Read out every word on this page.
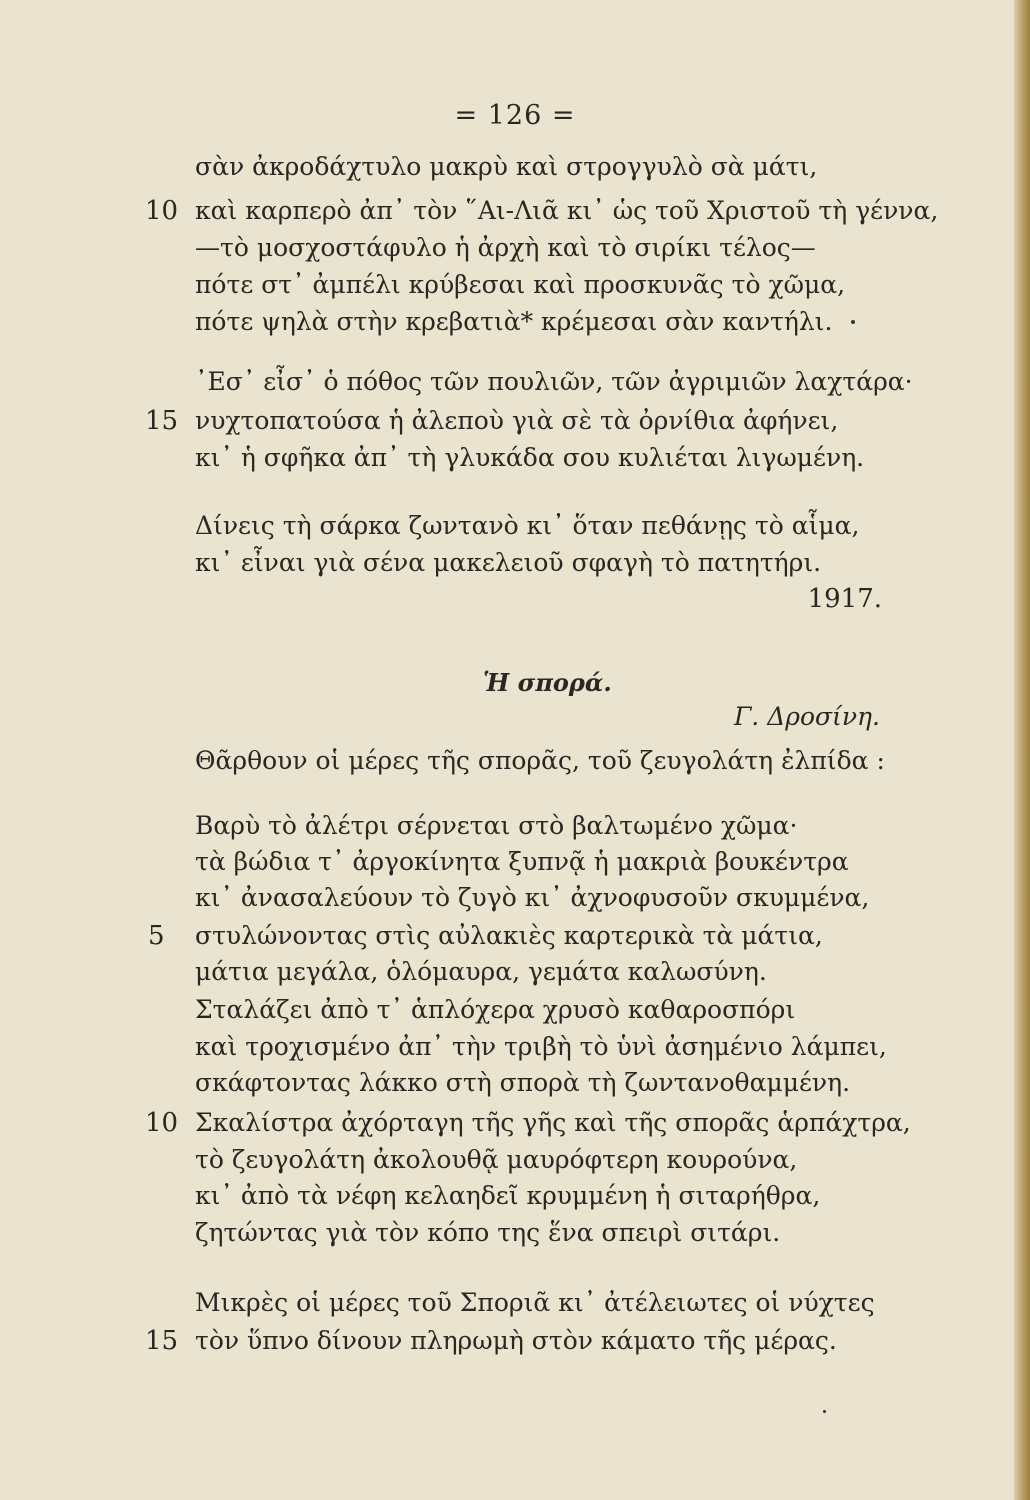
= 126 =
σὰν ἀκροδάχτυλο μακρὺ καὶ στρογγυλὸ σὰ μάτι,
10 καὶ καρπερὸ ἀπ᾽ τὸν ῞Αι-Λιᾶ κι᾽ ὡς τοῦ Χριστοῦ τὴ γέννα,
—τὸ μοσχοστάφυλο ἡ ἀρχὴ καὶ τὸ σιρίκι τέλος—
πότε στ᾽ ἀμπέλι κρύβεσαι καὶ προσκυνᾶς τὸ χῶμα,
πότε ψηλὰ στὴν κρεβατιὰ* κρέμεσαι σὰν καντήλι.
᾽Εσ᾽ εἶσ᾽ ὁ πόθος τῶν πουλιῶν, τῶν ἀγριμιῶν λαχτάρα·
15 νυχτοπατούσα ἡ ἀλεποὺ γιὰ σὲ τὰ ὀρνίθια ἀφήνει,
κι᾽ ἡ σφῆκα ἀπ᾽ τὴ γλυκάδα σου κυλιέται λιγωμένη.
Δίνεις τὴ σάρκα ζωντανὸ κι᾽ ὅταν πεθάνῃς τὸ αἷμα,
κι᾽ εἶναι γιὰ σένα μακελειοῦ σφαγὴ τὸ πατητήρι.
1917.
Ἡ σπορά.
Γ. Δροσίνη.
Θᾶρθουν οἱ μέρες τῆς σπορᾶς, τοῦ ζευγολάτη ἐλπίδα :
Βαρὺ τὸ ἀλέτρι σέρνεται στὸ βαλτωμένο χῶμα·
τὰ βώδια τ᾽ ἀργοκίνητα ξυπνᾷ ἡ μακριὰ βουκέντρα
κι᾽ ἀνασαλεύουν τὸ ζυγὸ κι᾽ ἀχνοφυσοῦν σκυμμένα,
5 στυλώνοντας στὶς αὐλακιὲς καρτερικὰ τὰ μάτια,
μάτια μεγάλα, ὁλόμαυρα, γεμάτα καλωσύνη.
Σταλάζει ἀπὸ τ᾽ ἁπλόχερα χρυσὸ καθαροσπόρι
καὶ τροχισμένο ἀπ᾽ τὴν τριβὴ τὸ ὑνὶ ἀσημένιο λάμπει,
σκάφτοντας λάκκο στὴ σπορὰ τὴ ζωντανοθαμμένη.
10 Σκαλίστρα ἀχόρταγη τῆς γῆς καὶ τῆς σπορᾶς ἁρπάχτρα,
τὸ ζευγολάτη ἀκολουθᾷ μαυρόφτερη κουρούνα,
κι᾽ ἀπὸ τὰ νέφη κελαηδεῖ κρυμμένη ἡ σιταρήθρα,
ζητώντας γιὰ τὸν κόπο της ἕνα σπειρὶ σιτάρι.
Μικρὲς οἱ μέρες τοῦ Σποριᾶ κι᾽ ἀτέλειωτες οἱ νύχτες
15 τὸν ὕπνο δίνουν πληρωμὴ στὸν κάματο τῆς μέρας.
